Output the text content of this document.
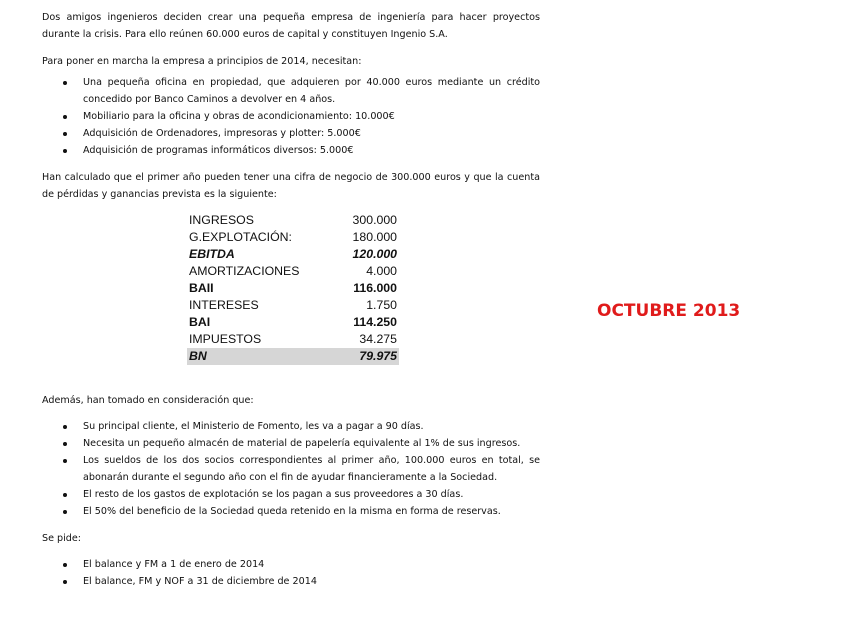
Dos amigos ingenieros deciden crear una pequeña empresa de ingeniería para hacer proyectos durante la crisis. Para ello reúnen 60.000 euros de capital y constituyen Ingenio S.A.

Para poner en marcha la empresa a principios de 2014, necesitan:

Una pequeña oficina en propiedad, que adquieren por 40.000 euros mediante un crédito concedido por Banco Caminos a devolver en 4 años.
Mobiliario para la oficina y obras de acondicionamiento: 10.000€
Adquisición de Ordenadores, impresoras y plotter: 5.000€
Adquisición de programas informáticos diversos: 5.000€

Han calculado que el primer año pueden tener una cifra de negocio de 300.000 euros y que la cuenta de pérdidas y ganancias prevista es la siguiente:

INGRESOS	300.000
G.EXPLOTACIÓN:	180.000
EBITDA	120.000
AMORTIZACIONES	4.000
BAII	116.000
INTERESES	1.750
BAI	114.250
IMPUESTOS	34.275
BN	79.975

Además, han tomado en consideración que:

Su principal cliente, el Ministerio de Fomento, les va a pagar a 90 días.
Necesita un pequeño almacén de material de papelería equivalente al 1% de sus ingresos.
Los sueldos de los dos socios correspondientes al primer año, 100.000 euros en total, se abonarán durante el segundo año con el fin de ayudar financieramente a la Sociedad.
El resto de los gastos de explotación se los pagan a sus proveedores a 30 días.
El 50% del beneficio de la Sociedad queda retenido en la misma en forma de reservas.

Se pide:

El balance y FM a 1 de enero de 2014
El balance, FM y NOF a 31 de diciembre de 2014
OCTUBRE 2013
